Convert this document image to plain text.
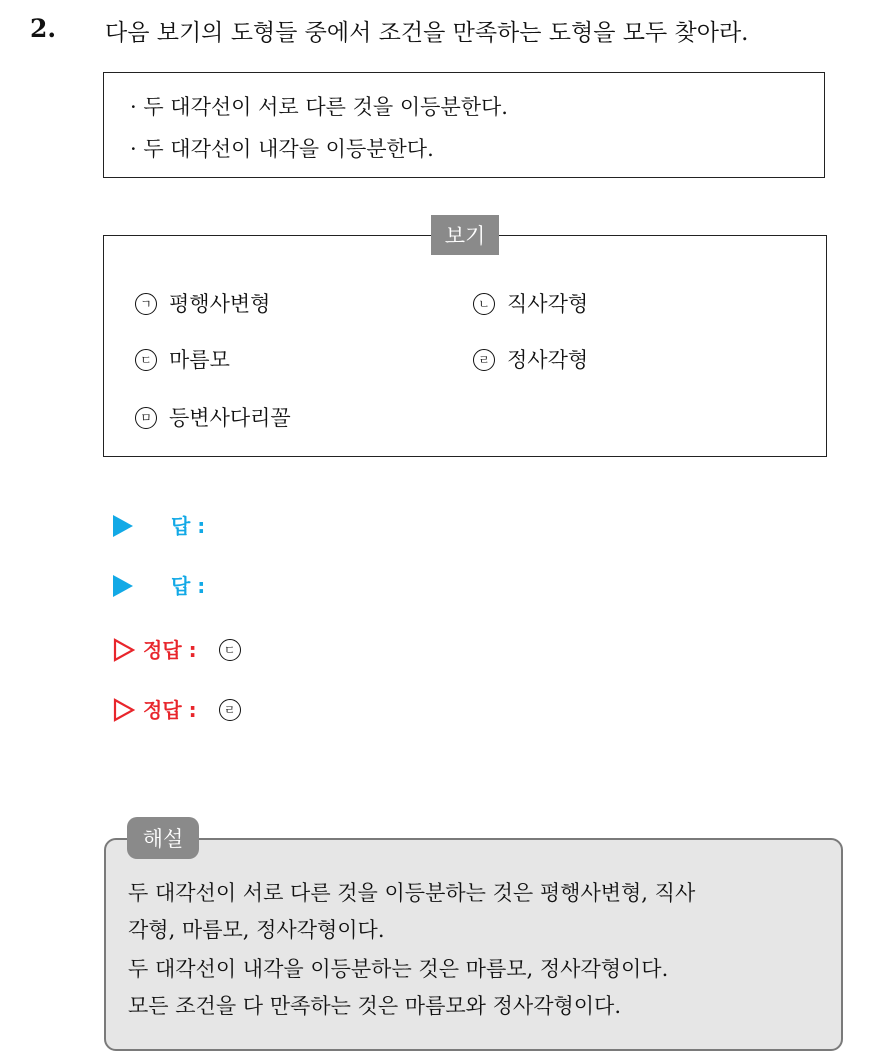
2. 다음 보기의 도형들 중에서 조건을 만족하는 도형을 모두 찾아라.
· 두 대각선이 서로 다른 것을 이등분한다.
· 두 대각선이 내각을 이등분한다.
보기
ㄱ 평행사변형	ㄴ 직사각형
ㄷ 마름모	ㄹ 정사각형
ㅁ 등변사다리꼴
답 :
답 :
정답 : ㄷ
정답 : ㄹ
해설
두 대각선이 서로 다른 것을 이등분하는 것은 평행사변형, 직사
각형, 마름모, 정사각형이다.
두 대각선이 내각을 이등분하는 것은 마름모, 정사각형이다.
모든 조건을 다 만족하는 것은 마름모와 정사각형이다.
